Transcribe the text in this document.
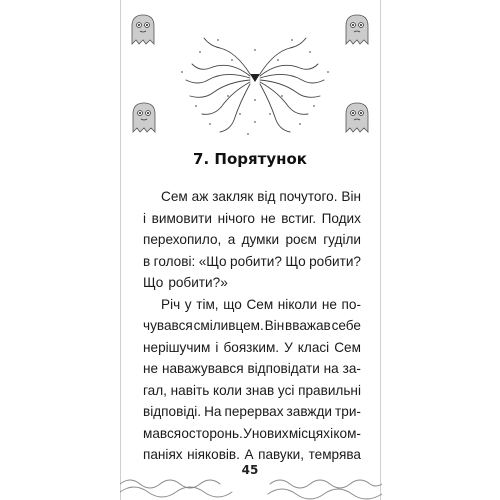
7. Порятунок
Сем аж закляк від почутого. Він
і вимовити нічого не встиг. Подих
перехопило, а думки роєм гуділи
в голові: «Що робити? Що робити?
Що робити?»
Річ у тім, що Сем ніколи не по-
чувався сміливцем. Він вважав себе
нерішучим і боязким. У класі Сем
не наважувався відповідати на за-
гал, навіть коли знав усі правильні
відповіді. На перервах завжди три-
мався осторонь. У нових місцях і ком-
паніях ніяковів. А павуки, темрява
45
